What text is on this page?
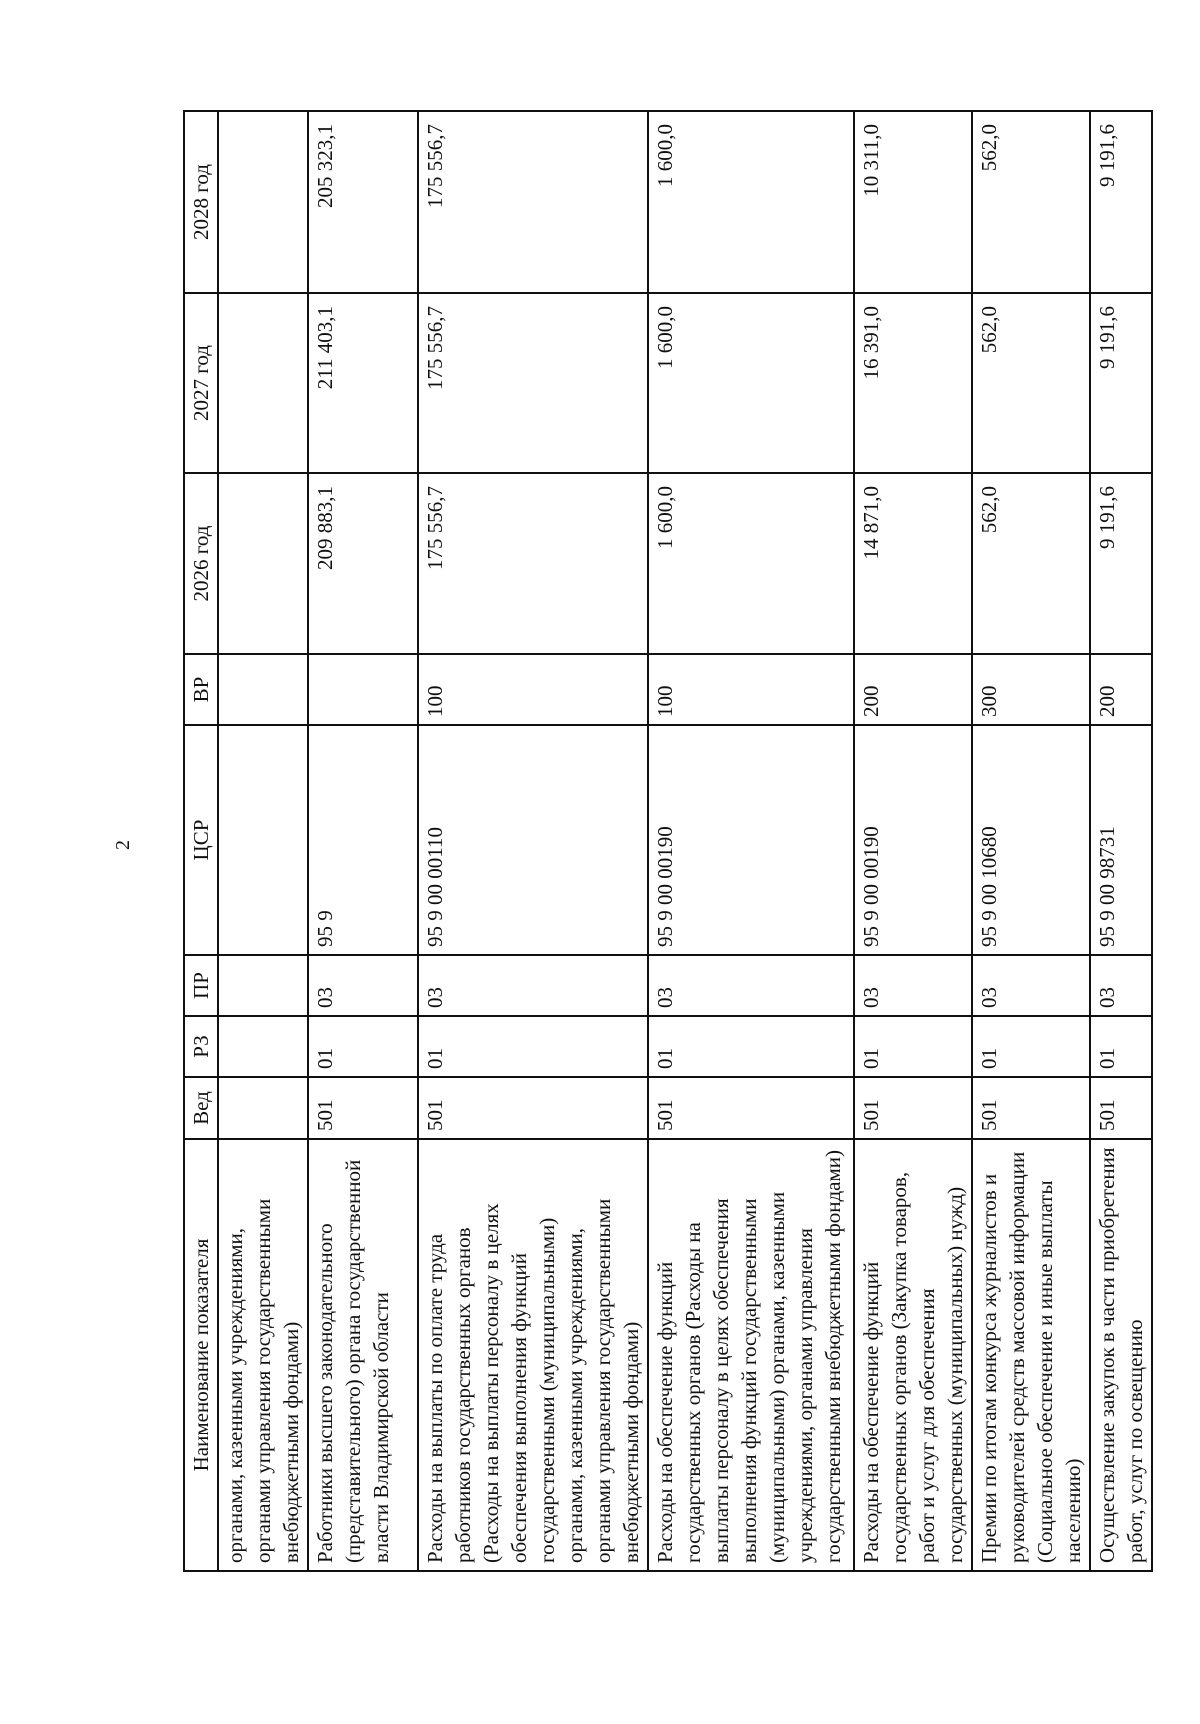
2
Наименование показателя	Вед	РЗ	ПР	ЦСР	ВР	2026 год	2027 год	2028 год
органами, казенными учреждениями, органами управления государственными внебюджетными фондами)								
Работники высшего законодательного (представительного) органа государственной власти Владимирской области	501	01	03	95 9		209 883,1	211 403,1	205 323,1
Расходы на выплаты по оплате труда работников государственных органов (Расходы на выплаты персоналу в целях обеспечения выполнения функций государственными (муниципальными) органами, казенными учреждениями, органами управления государственными внебюджетными фондами)	501	01	03	95 9 00 00110	100	175 556,7	175 556,7	175 556,7
Расходы на обеспечение функций государственных органов (Расходы на выплаты персоналу в целях обеспечения выполнения функций государственными (муниципальными) органами, казенными учреждениями, органами управления государственными внебюджетными фондами)	501	01	03	95 9 00 00190	100	1 600,0	1 600,0	1 600,0
Расходы на обеспечение функций государственных органов (Закупка товаров, работ и услуг для обеспечения государственных (муниципальных) нужд)	501	01	03	95 9 00 00190	200	14 871,0	16 391,0	10 311,0
Премии по итогам конкурса журналистов и руководителей средств массовой информации (Социальное обеспечение и иные выплаты населению)	501	01	03	95 9 00 10680	300	562,0	562,0	562,0
Осуществление закупок в части приобретения работ, услуг по освещению	501	01	03	95 9 00 98731	200	9 191,6	9 191,6	9 191,6
